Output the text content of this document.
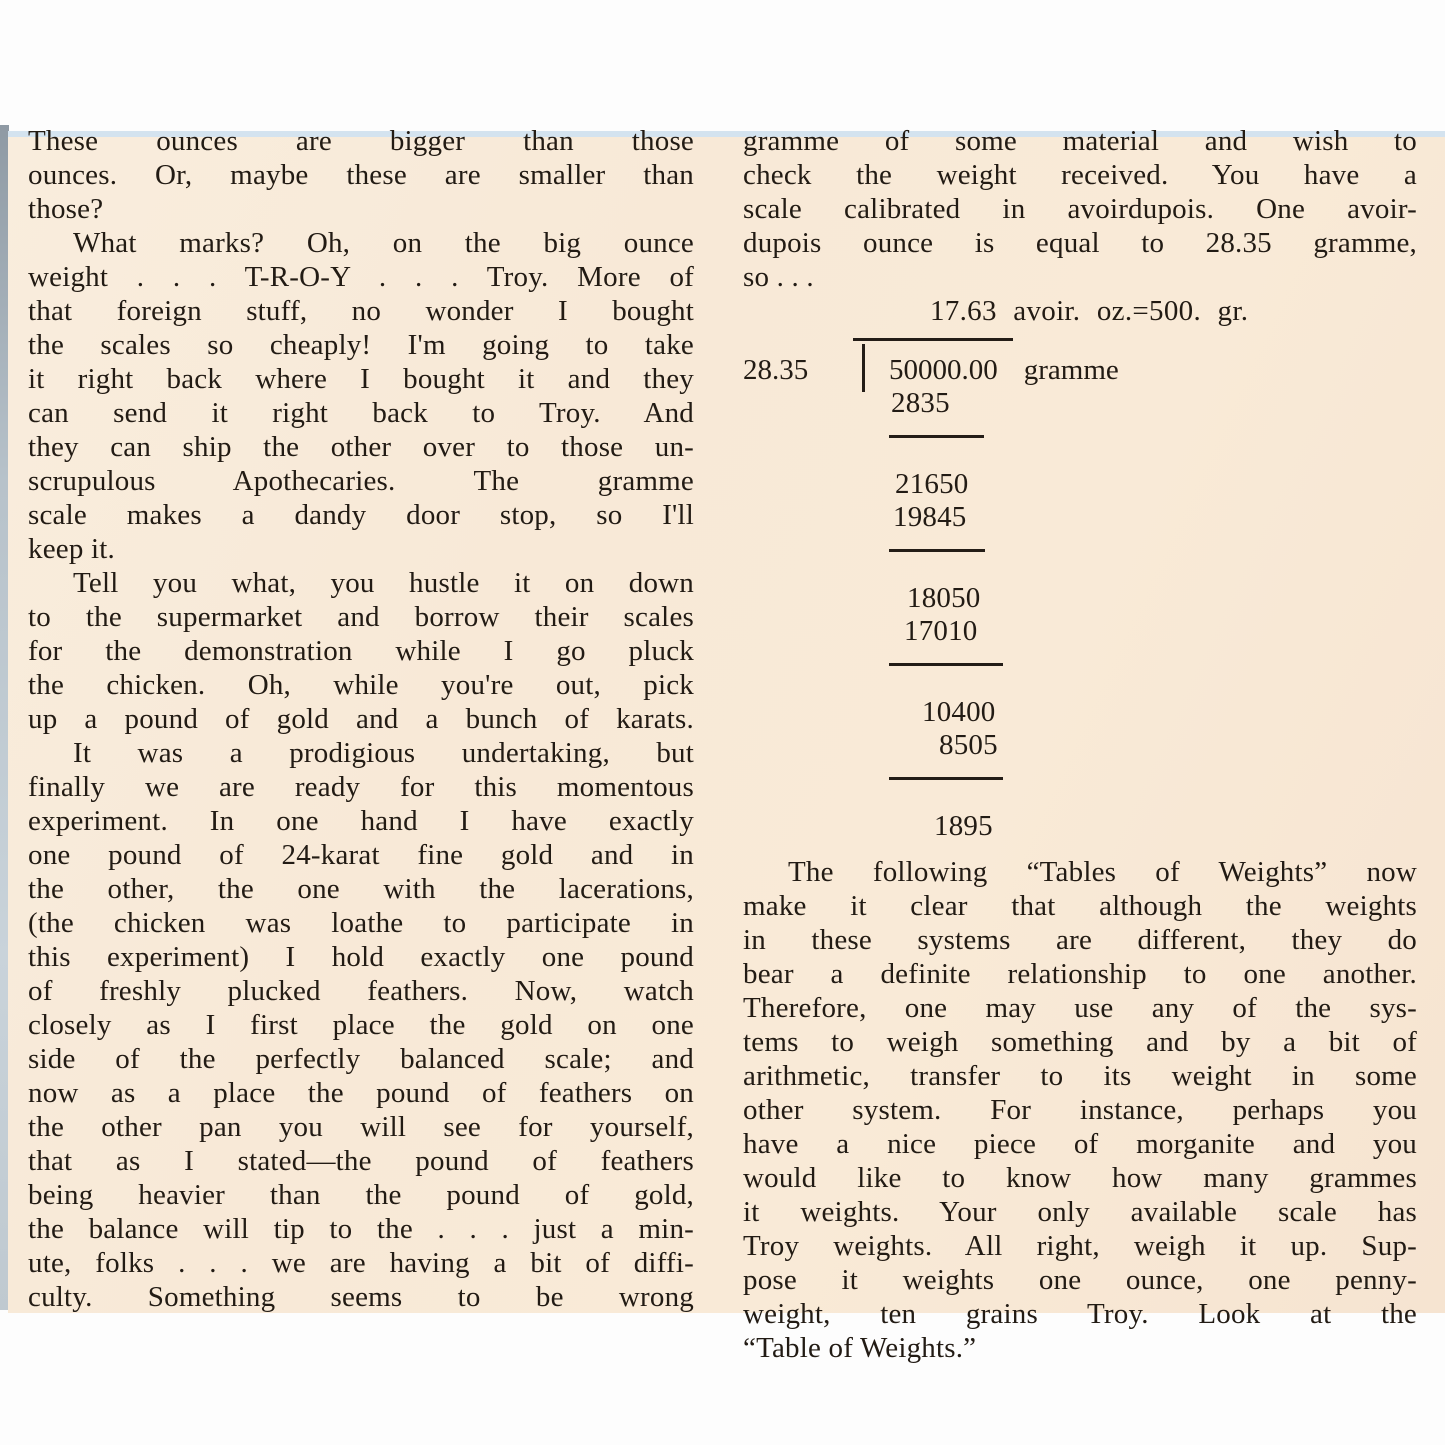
These ounces are bigger than those
ounces. Or, maybe these are smaller than
those?
What marks? Oh, on the big ounce
weight . . . T-R-O-Y . . . Troy. More of
that foreign stuff, no wonder I bought
the scales so cheaply! I'm going to take
it right back where I bought it and they
can send it right back to Troy. And
they can ship the other over to those un-
scrupulous Apothecaries. The gramme
scale makes a dandy door stop, so I'll
keep it.
Tell you what, you hustle it on down
to the supermarket and borrow their scales
for the demonstration while I go pluck
the chicken. Oh, while you're out, pick
up a pound of gold and a bunch of karats.
It was a prodigious undertaking, but
finally we are ready for this momentous
experiment. In one hand I have exactly
one pound of 24-karat fine gold and in
the other, the one with the lacerations,
(the chicken was loathe to participate in
this experiment) I hold exactly one pound
of freshly plucked feathers. Now, watch
closely as I first place the gold on one
side of the perfectly balanced scale; and
now as a place the pound of feathers on
the other pan you will see for yourself,
that as I stated—the pound of feathers
being heavier than the pound of gold,
the balance will tip to the . . . just a min-
ute, folks . . . we are having a bit of diffi-
culty. Something seems to be wrong
gramme of some material and wish to
check the weight received. You have a
scale calibrated in avoirdupois. One avoir-
dupois ounce is equal to 28.35 gramme,
so . . .
17.63 avoir. oz.=500. gr.
28.35	50000.00 gramme
2835
21650
19845
18050
17010
10400
8505
1895
The following “Tables of Weights” now
make it clear that although the weights
in these systems are different, they do
bear a definite relationship to one another.
Therefore, one may use any of the sys-
tems to weigh something and by a bit of
arithmetic, transfer to its weight in some
other system. For instance, perhaps you
have a nice piece of morganite and you
would like to know how many grammes
it weights. Your only available scale has
Troy weights. All right, weigh it up. Sup-
pose it weights one ounce, one penny-
weight, ten grains Troy. Look at the
“Table of Weights.”
